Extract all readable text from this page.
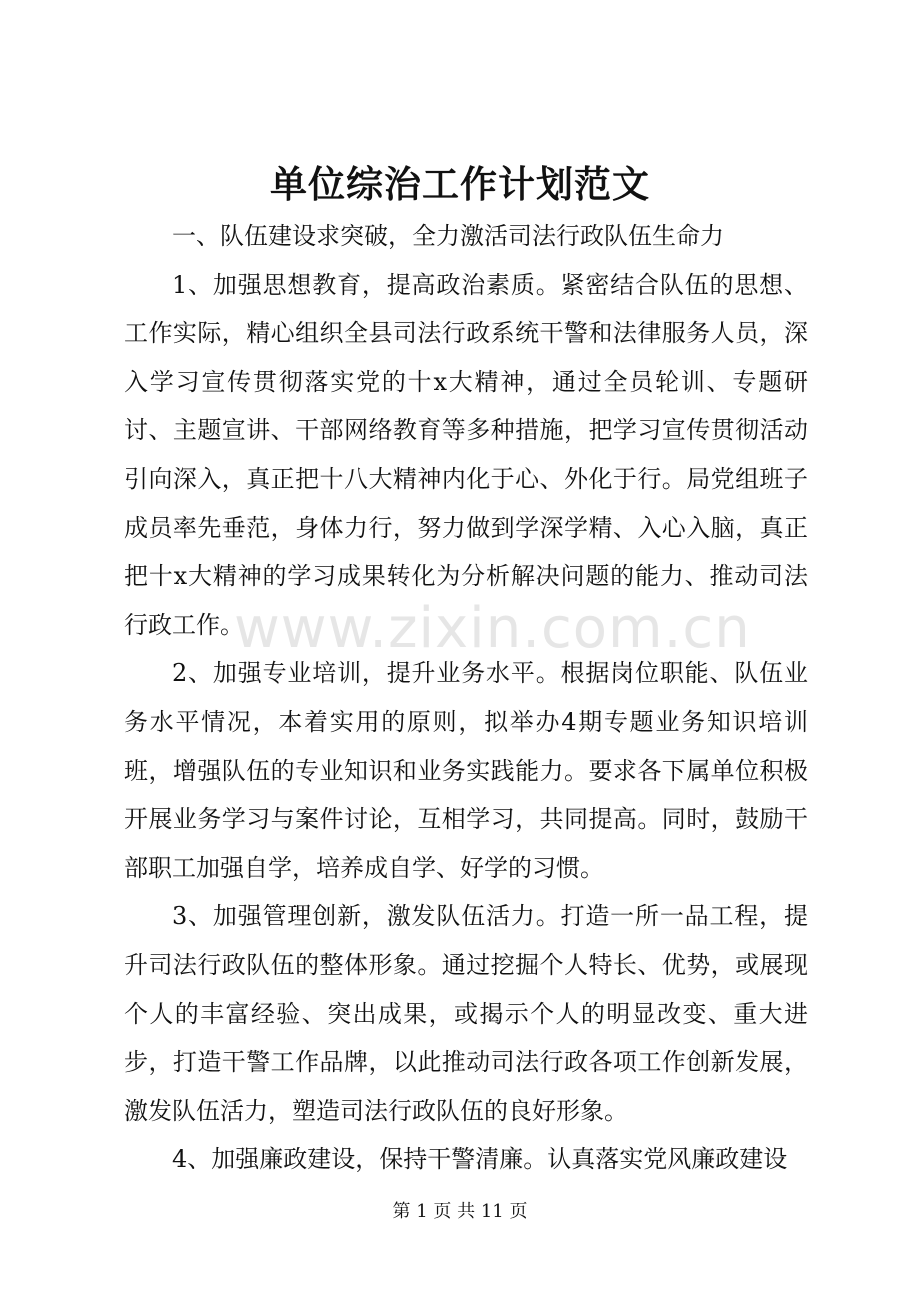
www.zixin.com.cn
单位综治工作计划范文

一、队伍建设求突破，全力激活司法行政队伍生命力

1、加强思想教育，提高政治素质。紧密结合队伍的思想、工作实际，精心组织全县司法行政系统干警和法律服务人员，深入学习宣传贯彻落实党的十x大精神，通过全员轮训、专题研讨、主题宣讲、干部网络教育等多种措施，把学习宣传贯彻活动引向深入，真正把十八大精神内化于心、外化于行。局党组班子成员率先垂范，身体力行，努力做到学深学精、入心入脑，真正把十x大精神的学习成果转化为分析解决问题的能力、推动司法行政工作。

2、加强专业培训，提升业务水平。根据岗位职能、队伍业务水平情况，本着实用的原则，拟举办4期专题业务知识培训班，增强队伍的专业知识和业务实践能力。要求各下属单位积极开展业务学习与案件讨论，互相学习，共同提高。同时，鼓励干部职工加强自学，培养成自学、好学的习惯。

3、加强管理创新，激发队伍活力。打造一所一品工程，提升司法行政队伍的整体形象。通过挖掘个人特长、优势，或展现个人的丰富经验、突出成果，或揭示个人的明显改变、重大进步，打造干警工作品牌，以此推动司法行政各项工作创新发展，激发队伍活力，塑造司法行政队伍的良好形象。

4、加强廉政建设，保持干警清廉。认真落实党风廉政建设

第 1 页 共 11 页
